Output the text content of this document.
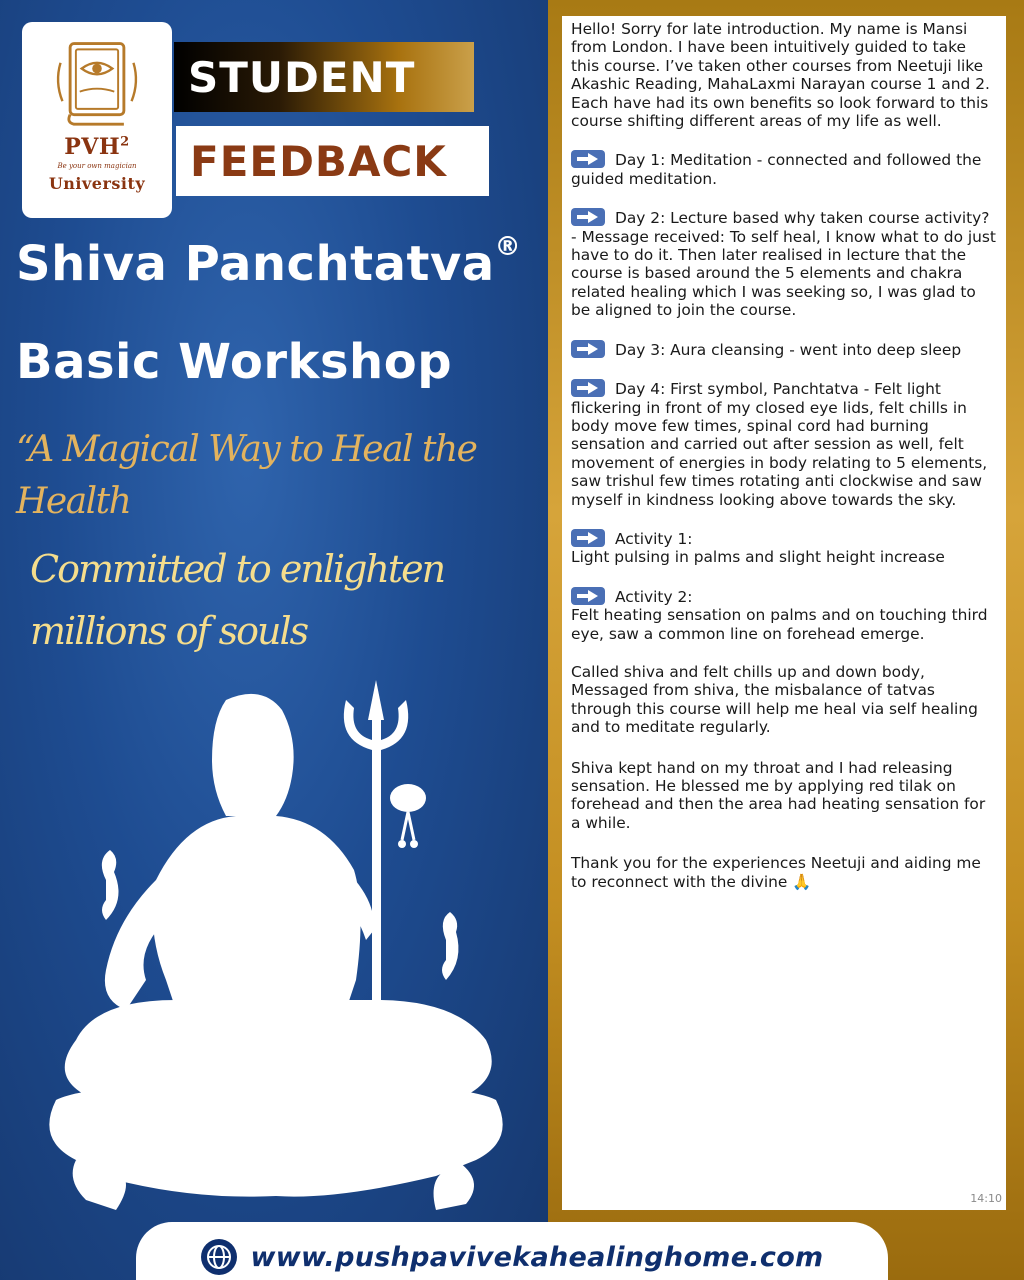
PVH$^2$
Be your own magician
University
STUDENT
FEEDBACK
Shiva Panchtatva®
Basic Workshop
“A Magical Way to Heal the Health
Committed to enlighten millions of souls
Hello! Sorry for late introduction. My name is Mansi from London. I have been intuitively guided to take this course. I’ve taken other courses from Neetuji like Akashic Reading, MahaLaxmi Narayan course 1 and 2. Each have had its own benefits so look forward to this course shifting different areas of my life as well.
Day 1: Meditation - connected and followed the guided meditation.
Day 2: Lecture based why taken course activity? - Message received: To self heal, I know what to do just have to do it. Then later realised in lecture that the course is based around the 5 elements and chakra related healing which I was seeking so, I was glad to be aligned to join the course.
Day 3: Aura cleansing - went into deep sleep
Day 4: First symbol, Panchtatva - Felt light flickering in front of my closed eye lids, felt chills in body move few times, spinal cord had burning sensation and carried out after session as well, felt movement of energies in body relating to 5 elements, saw trishul few times rotating anti clockwise and saw myself in kindness looking above towards the sky.
Activity 1:
Light pulsing in palms and slight height increase
Activity 2:
Felt heating sensation on palms and on touching third eye, saw a common line on forehead emerge.
Called shiva and felt chills up and down body, Messaged from shiva, the misbalance of tatvas through this course will help me heal via self healing and to meditate regularly.
Shiva kept hand on my throat and I had releasing sensation. He blessed me by applying red tilak on forehead and then the area had heating sensation for a while.
Thank you for the experiences Neetuji and aiding me to reconnect with the divine 🙏
14:10
www.pushpavivekahealinghome.com
